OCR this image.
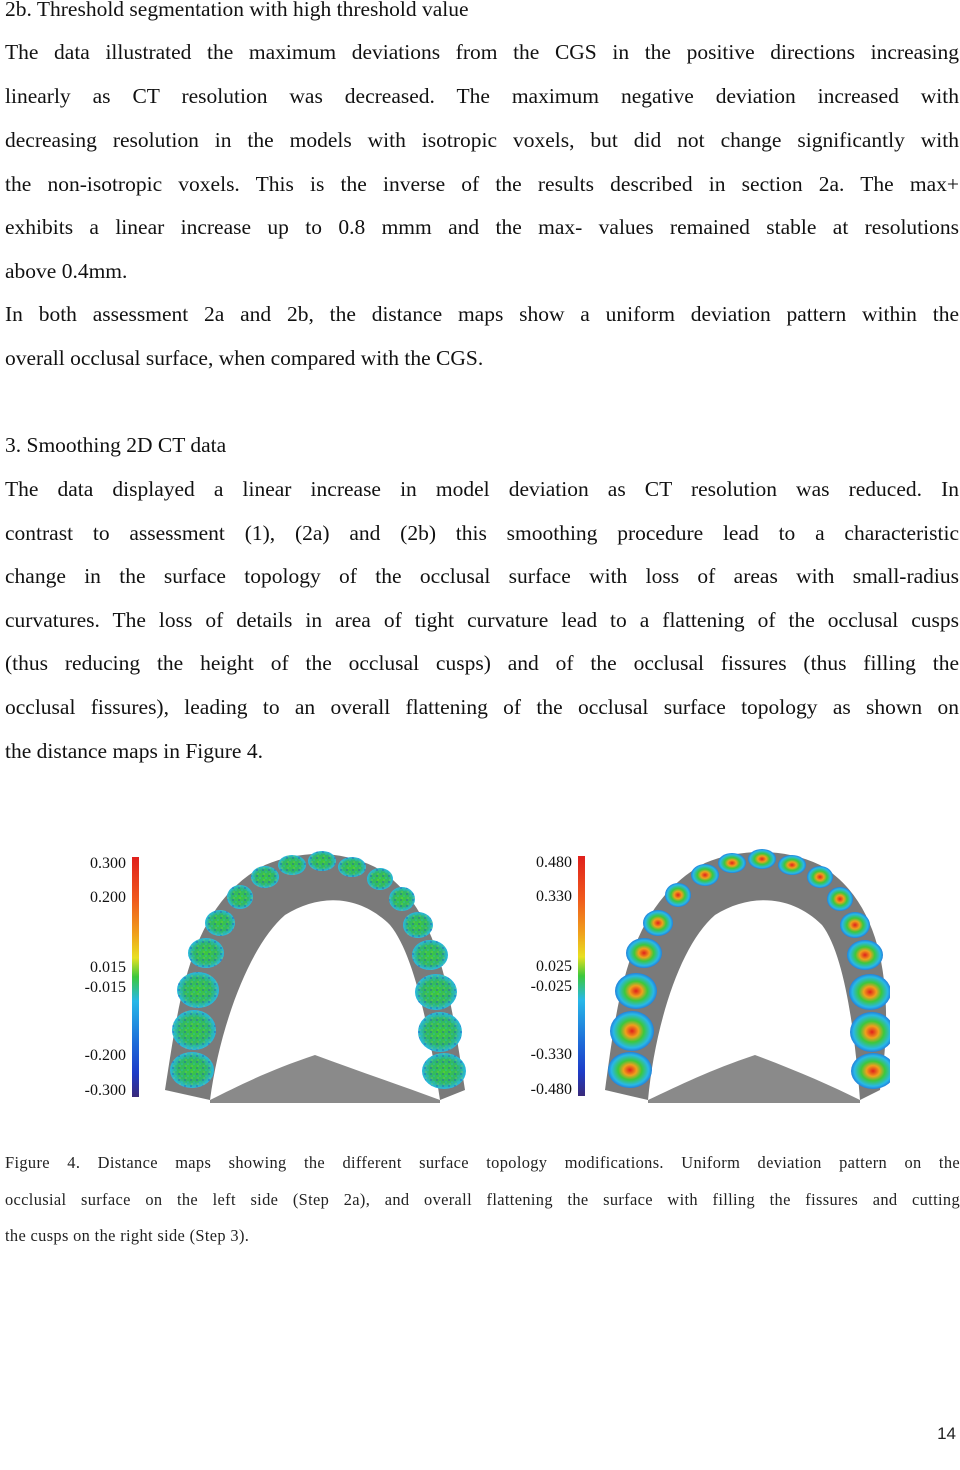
2b. Threshold segmentation with high threshold value
The data illustrated the maximum deviations from the CGS in the positive directions increasing
linearly as CT resolution was decreased. The maximum negative deviation increased with
decreasing resolution in the models with isotropic voxels, but did not change significantly with
the non-isotropic voxels. This is the inverse of the results described in section 2a. The max+
exhibits a linear increase up to 0.8 mmm and the max- values remained stable at resolutions
above 0.4mm.
In both assessment 2a and 2b, the distance maps show a uniform deviation pattern within the
overall occlusal surface, when compared with the CGS.
3. Smoothing 2D CT data
The data displayed a linear increase in model deviation as CT resolution was reduced. In
contrast to assessment (1), (2a) and (2b) this smoothing procedure lead to a characteristic
change in the surface topology of the occlusal surface with loss of areas with small-radius
curvatures. The loss of details in area of tight curvature lead to a flattening of the occlusal cusps
(thus reducing the height of the occlusal cusps) and of the occlusal fissures (thus filling the
occlusal fissures), leading to an overall flattening of the occlusal surface topology as shown on
the distance maps in Figure 4.
0.300
0.200
0.015
-0.015
-0.200
-0.300
0.480
0.330
0.025
-0.025
-0.330
-0.480
Figure 4. Distance maps showing the different surface topology modifications. Uniform deviation pattern on the
occlusial surface on the left side (Step 2a), and overall flattening the surface with filling the fissures and cutting
the cusps on the right side (Step 3).
14
